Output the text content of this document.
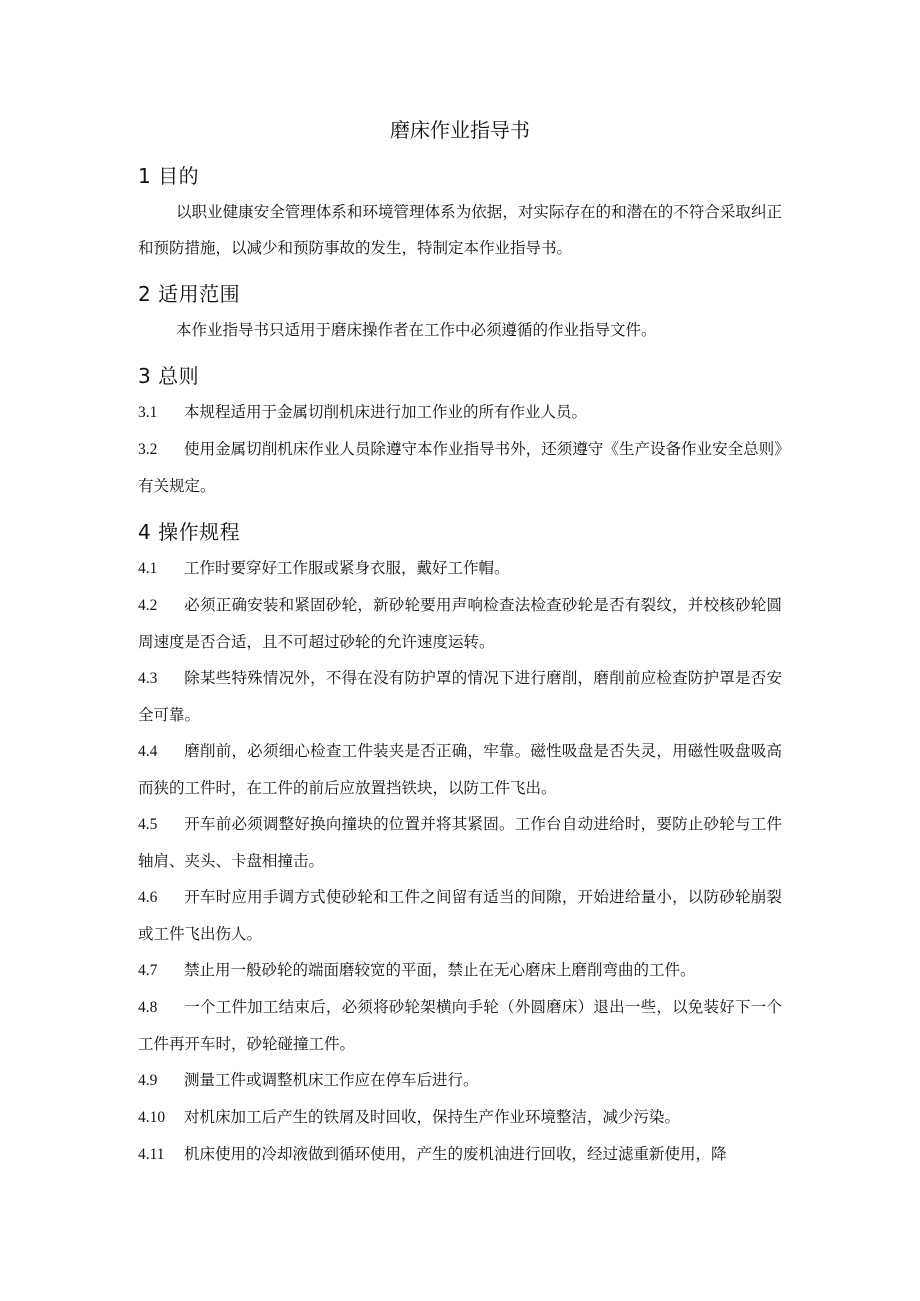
磨床作业指导书
1 目的

以职业健康安全管理体系和环境管理体系为依据，对实际存在的和潜在的不符合采取纠正和预防措施，以减少和预防事故的发生，特制定本作业指导书。

2 适用范围

本作业指导书只适用于磨床操作者在工作中必须遵循的作业指导文件。

3 总则

3.1 本规程适用于金属切削机床进行加工作业的所有作业人员。

3.2 使用金属切削机床作业人员除遵守本作业指导书外，还须遵守《生产设备作业安全总则》有关规定。

4 操作规程

4.1 工作时要穿好工作服或紧身衣服，戴好工作帽。

4.2 必须正确安装和紧固砂轮，新砂轮要用声响检查法检查砂轮是否有裂纹，并校核砂轮圆周速度是否合适，且不可超过砂轮的允许速度运转。

4.3 除某些特殊情况外，不得在没有防护罩的情况下进行磨削，磨削前应检查防护罩是否安全可靠。

4.4 磨削前，必须细心检查工件装夹是否正确，牢靠。磁性吸盘是否失灵，用磁性吸盘吸高而狭的工件时，在工件的前后应放置挡铁块，以防工件飞出。

4.5 开车前必须调整好换向撞块的位置并将其紧固。工作台自动进给时，要防止砂轮与工件轴肩、夹头、卡盘相撞击。

4.6 开车时应用手调方式使砂轮和工件之间留有适当的间隙，开始进给量小，以防砂轮崩裂或工件飞出伤人。

4.7 禁止用一般砂轮的端面磨较宽的平面，禁止在无心磨床上磨削弯曲的工件。

4.8 一个工件加工结束后，必须将砂轮架横向手轮（外圆磨床）退出一些，以免装好下一个工件再开车时，砂轮碰撞工件。

4.9 测量工件或调整机床工作应在停车后进行。

4.10 对机床加工后产生的铁屑及时回收，保持生产作业环境整洁，减少污染。

4.11 机床使用的冷却液做到循环使用，产生的废机油进行回收，经过滤重新使用，降
